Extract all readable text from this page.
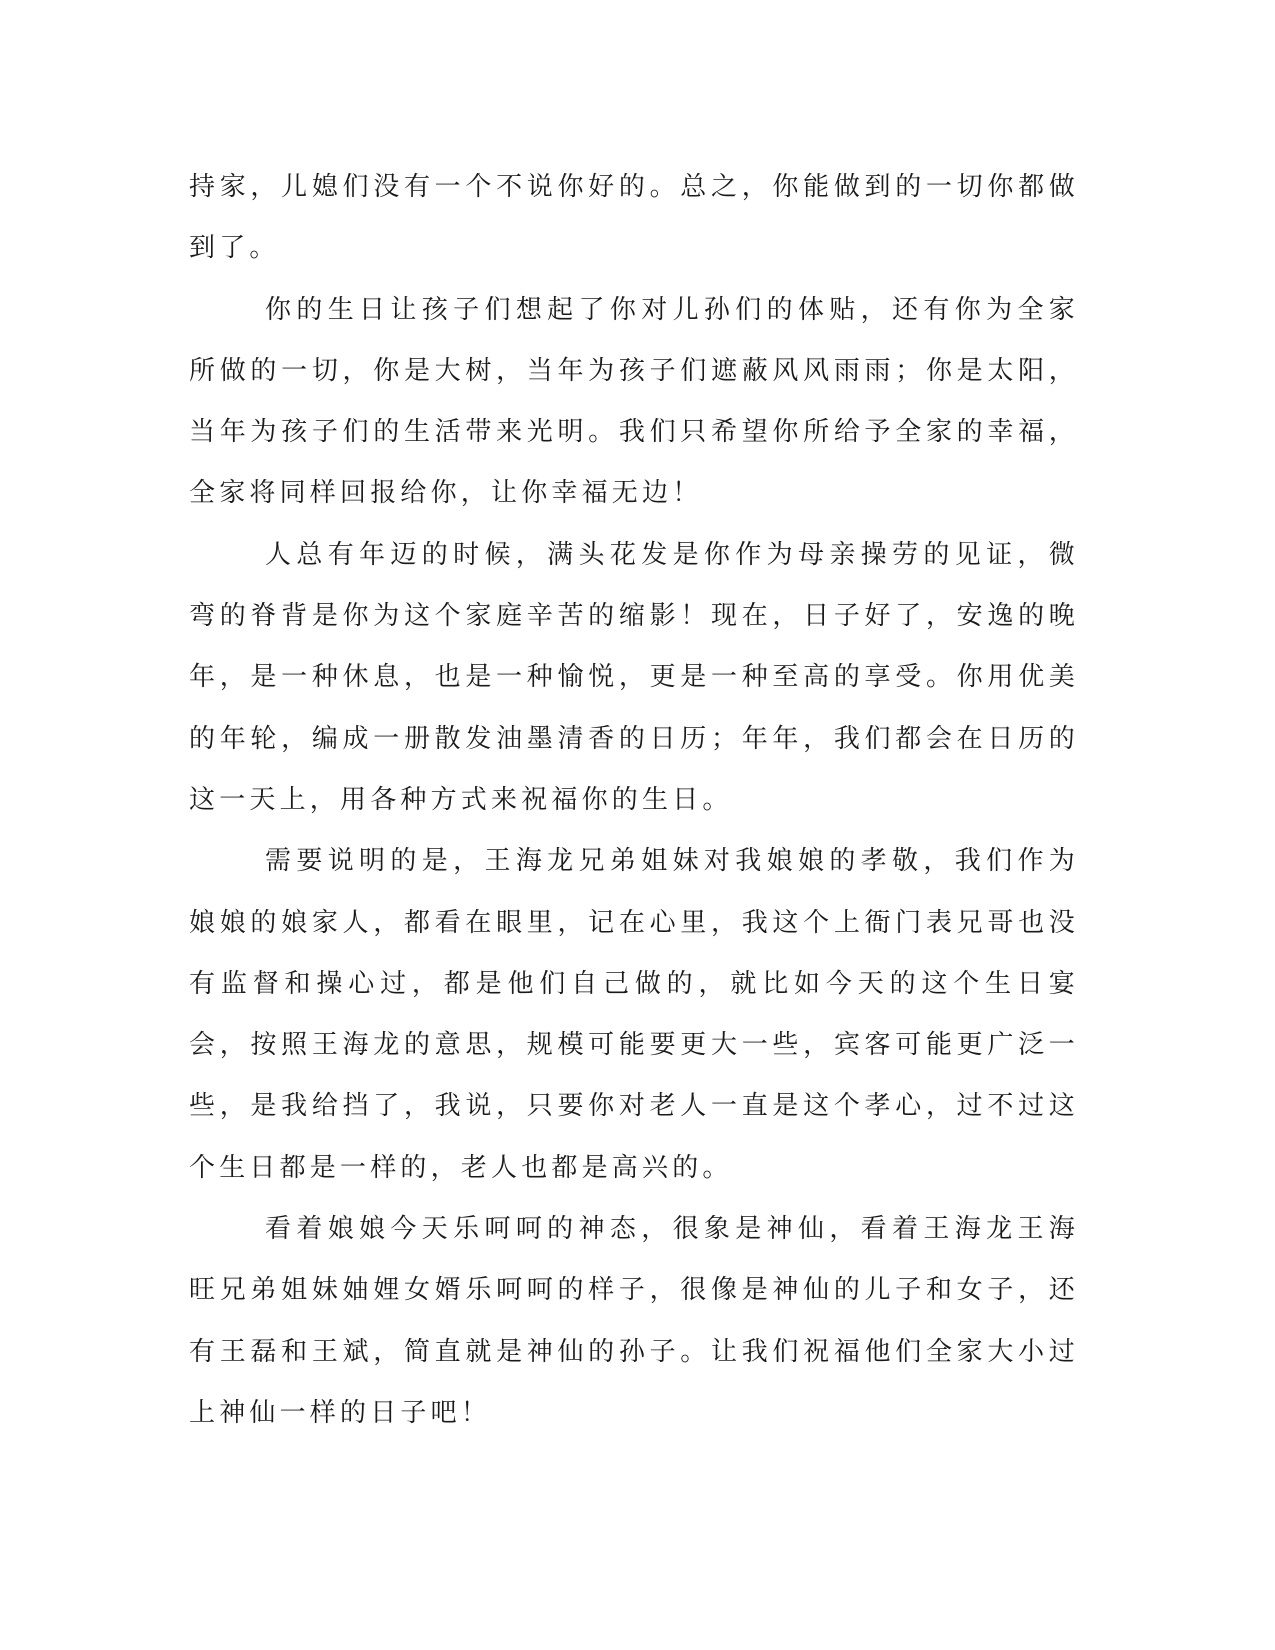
持家，儿媳们没有一个不说你好的。总之，你能做到的一切你都做到了。

你的生日让孩子们想起了你对儿孙们的体贴，还有你为全家所做的一切，你是大树，当年为孩子们遮蔽风风雨雨；你是太阳，当年为孩子们的生活带来光明。我们只希望你所给予全家的幸福，全家将同样回报给你，让你幸福无边！

人总有年迈的时候，满头花发是你作为母亲操劳的见证，微弯的脊背是你为这个家庭辛苦的缩影！现在，日子好了，安逸的晚年，是一种休息，也是一种愉悦，更是一种至高的享受。你用优美的年轮，编成一册散发油墨清香的日历；年年，我们都会在日历的这一天上，用各种方式来祝福你的生日。

需要说明的是，王海龙兄弟姐妹对我娘娘的孝敬，我们作为娘娘的娘家人，都看在眼里，记在心里，我这个上衙门表兄哥也没有监督和操心过，都是他们自己做的，就比如今天的这个生日宴会，按照王海龙的意思，规模可能要更大一些，宾客可能更广泛一些，是我给挡了，我说，只要你对老人一直是这个孝心，过不过这个生日都是一样的，老人也都是高兴的。

看着娘娘今天乐呵呵的神态，很象是神仙，看着王海龙王海旺兄弟姐妹妯娌女婿乐呵呵的样子，很像是神仙的儿子和女子，还有王磊和王斌，简直就是神仙的孙子。让我们祝福他们全家大小过上神仙一样的日子吧！
